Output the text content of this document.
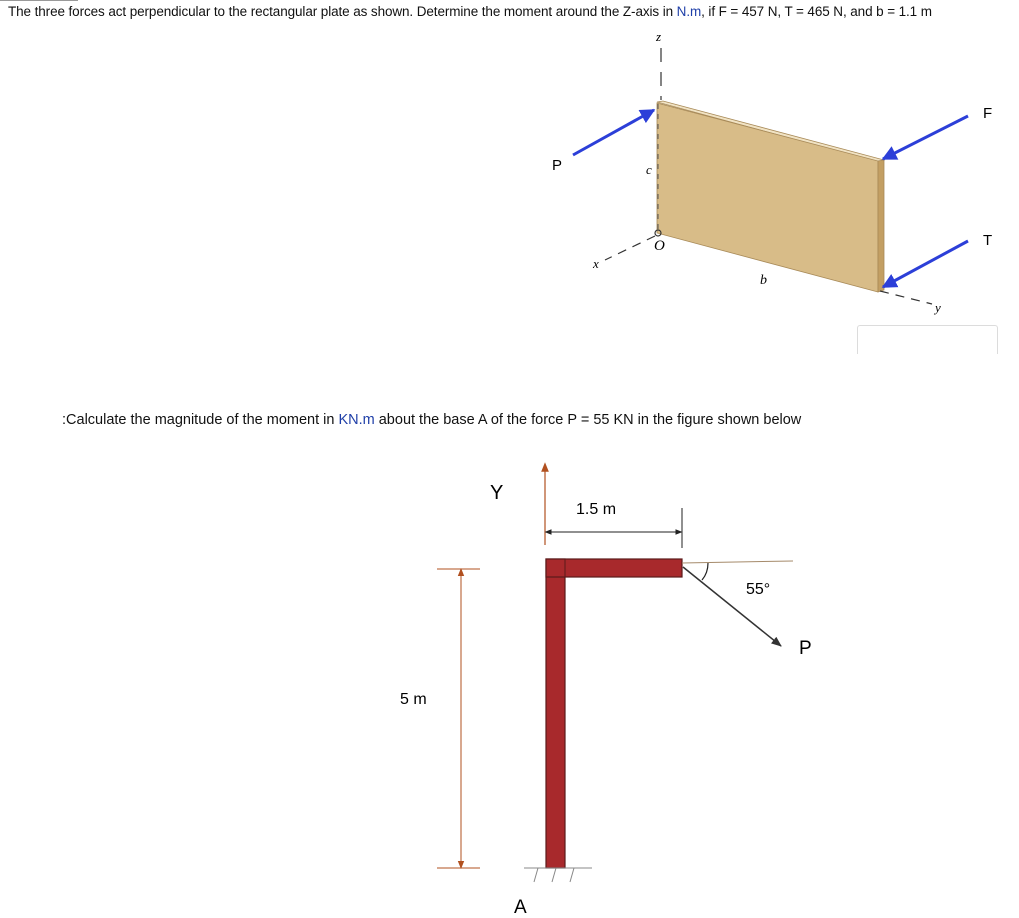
The three forces act perpendicular to the rectangular plate as shown. Determine the moment around the Z-axis in N.m, if F = 457 N, T = 465 N, and b = 1.1 m
:Calculate the magnitude of the moment in KN.m about the base A of the force P = 55 KN in the figure shown below
z
c
O
x
b
y
P
F
T
Y
1.5 m
5 m
55°
P
A
